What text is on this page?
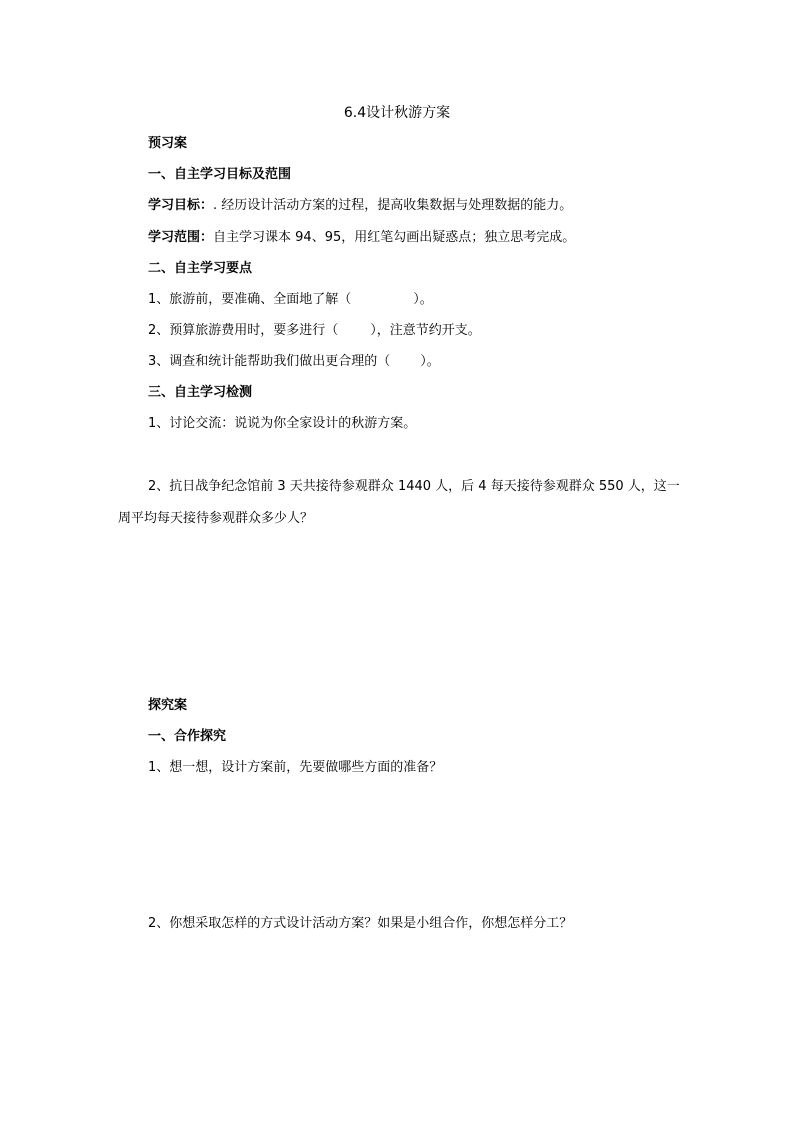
6.4设计秋游方案
预习案
一、自主学习目标及范围
学习目标：. 经历设计活动方案的过程，提高收集数据与处理数据的能力。
学习范围：自主学习课本 94、95，用红笔勾画出疑惑点；独立思考完成。
二、自主学习要点
1、旅游前，要准确、全面地了解（	）。
2、预算旅游费用时，要多进行（ ），注意节约开支。
3、调查和统计能帮助我们做出更合理的（ ）。
三、自主学习检测
1、讨论交流：说说为你全家设计的秋游方案。
2、抗日战争纪念馆前 3 天共接待参观群众 1440 人，后 4 每天接待参观群众 550 人，这一
周平均每天接待参观群众多少人？
探究案
一、合作探究
1、想一想，设计方案前，先要做哪些方面的准备？
2、你想采取怎样的方式设计活动方案？如果是小组合作，你想怎样分工？
